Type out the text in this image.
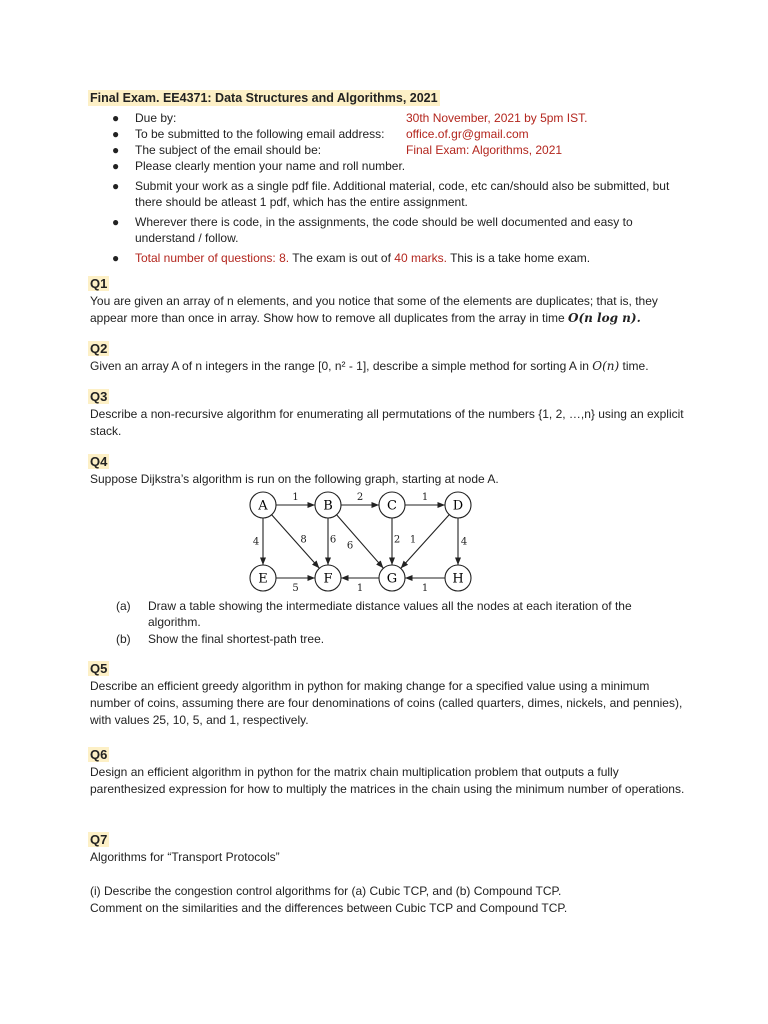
Final Exam. EE4371: Data Structures and Algorithms, 2021
● Due by:	30th November, 2021 by 5pm IST.
● To be submitted to the following email address: office.of.gr@gmail.com
● The subject of the email should be:	Final Exam: Algorithms, 2021
● Please clearly mention your name and roll number.
● Submit your work as a single pdf file. Additional material, code, etc can/should also be submitted, but there should be atleast 1 pdf, which has the entire assignment.
● Wherever there is code, in the assignments, the code should be well documented and easy to understand / follow.
● Total number of questions: 8. The exam is out of 40 marks. This is a take home exam.
Q1
You are given an array of n elements, and you notice that some of the elements are duplicates; that is, they appear more than once in array. Show how to remove all duplicates from the array in time O(n log n).
Q2
Given an array A of n integers in the range [0, n² - 1], describe a simple method for sorting A in O(n) time.
Q3
Describe a non-recursive algorithm for enumerating all permutations of the numbers {1, 2, …,n} using an explicit stack.
Q4
Suppose Dijkstra’s algorithm is run on the following graph, starting at node A.
1	2	1
4	8 6
6
2 1	4
5	1	1
A	B	C	D
E	F	G	H
(a)	Draw a table showing the intermediate distance values all the nodes at each iteration of the algorithm.
(b)	Show the final shortest-path tree.
Q5
Describe an efficient greedy algorithm in python for making change for a specified value using a minimum number of coins, assuming there are four denominations of coins (called quarters, dimes, nickels, and pennies), with values 25, 10, 5, and 1, respectively.
Q6
Design an efficient algorithm in python for the matrix chain multiplication problem that outputs a fully parenthesized expression for how to multiply the matrices in the chain using the minimum number of operations.
Q7
Algorithms for “Transport Protocols”
(i) Describe the congestion control algorithms for (a) Cubic TCP, and (b) Compound TCP.
Comment on the similarities and the differences between Cubic TCP and Compound TCP.
